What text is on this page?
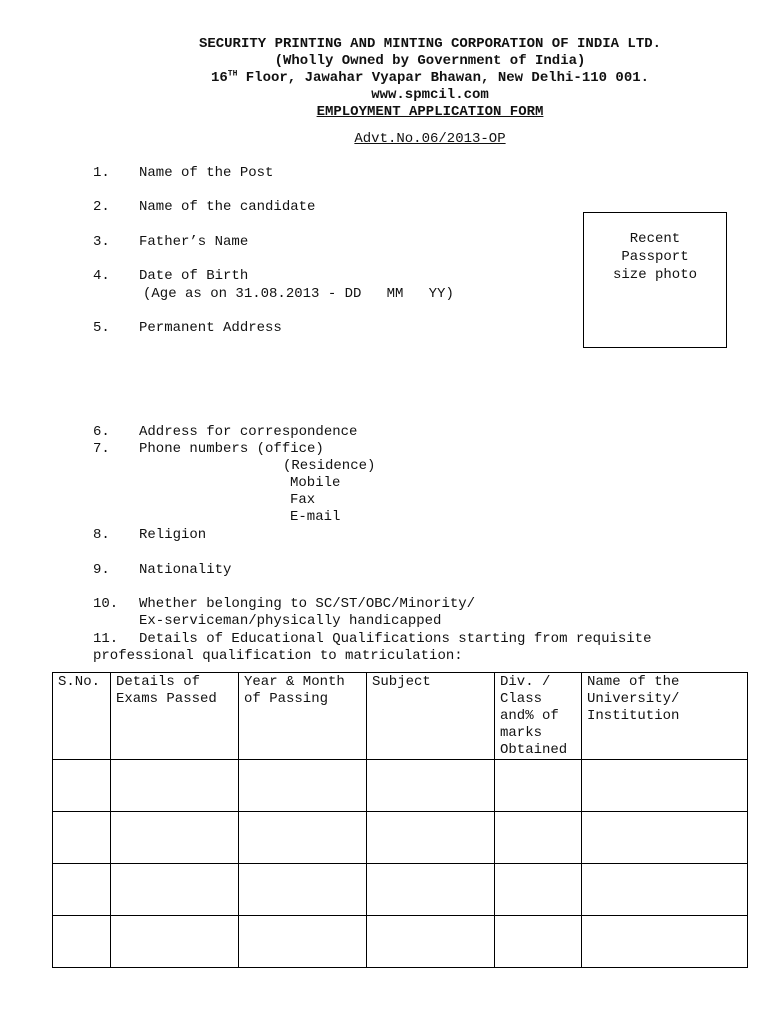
SECURITY PRINTING AND MINTING CORPORATION OF INDIA LTD.
(Wholly Owned by Government of India)
16TH Floor, Jawahar Vyapar Bhawan, New Delhi-110 001.
www.spmcil.com
EMPLOYMENT APPLICATION FORM
Advt.No.06/2013-OP
Recent
Passport
size photo
1. Name of the Post
2. Name of the candidate
3. Father’s Name
4. Date of Birth
(Age as on 31.08.2013 - DD   MM   YY)
5. Permanent Address
6. Address for correspondence
7. Phone numbers (office)
(Residence)
Mobile
Fax
E-mail
8. Religion
9. Nationality
10. Whether belonging to SC/ST/OBC/Minority/
Ex-serviceman/physically handicapped
11. Details of Educational Qualifications starting from requisite
professional qualification to matriculation:
S.No.	Details of Exams Passed	Year & Month of Passing	Subject	Div. / Class and% of marks Obtained	Name of the University/ Institution
